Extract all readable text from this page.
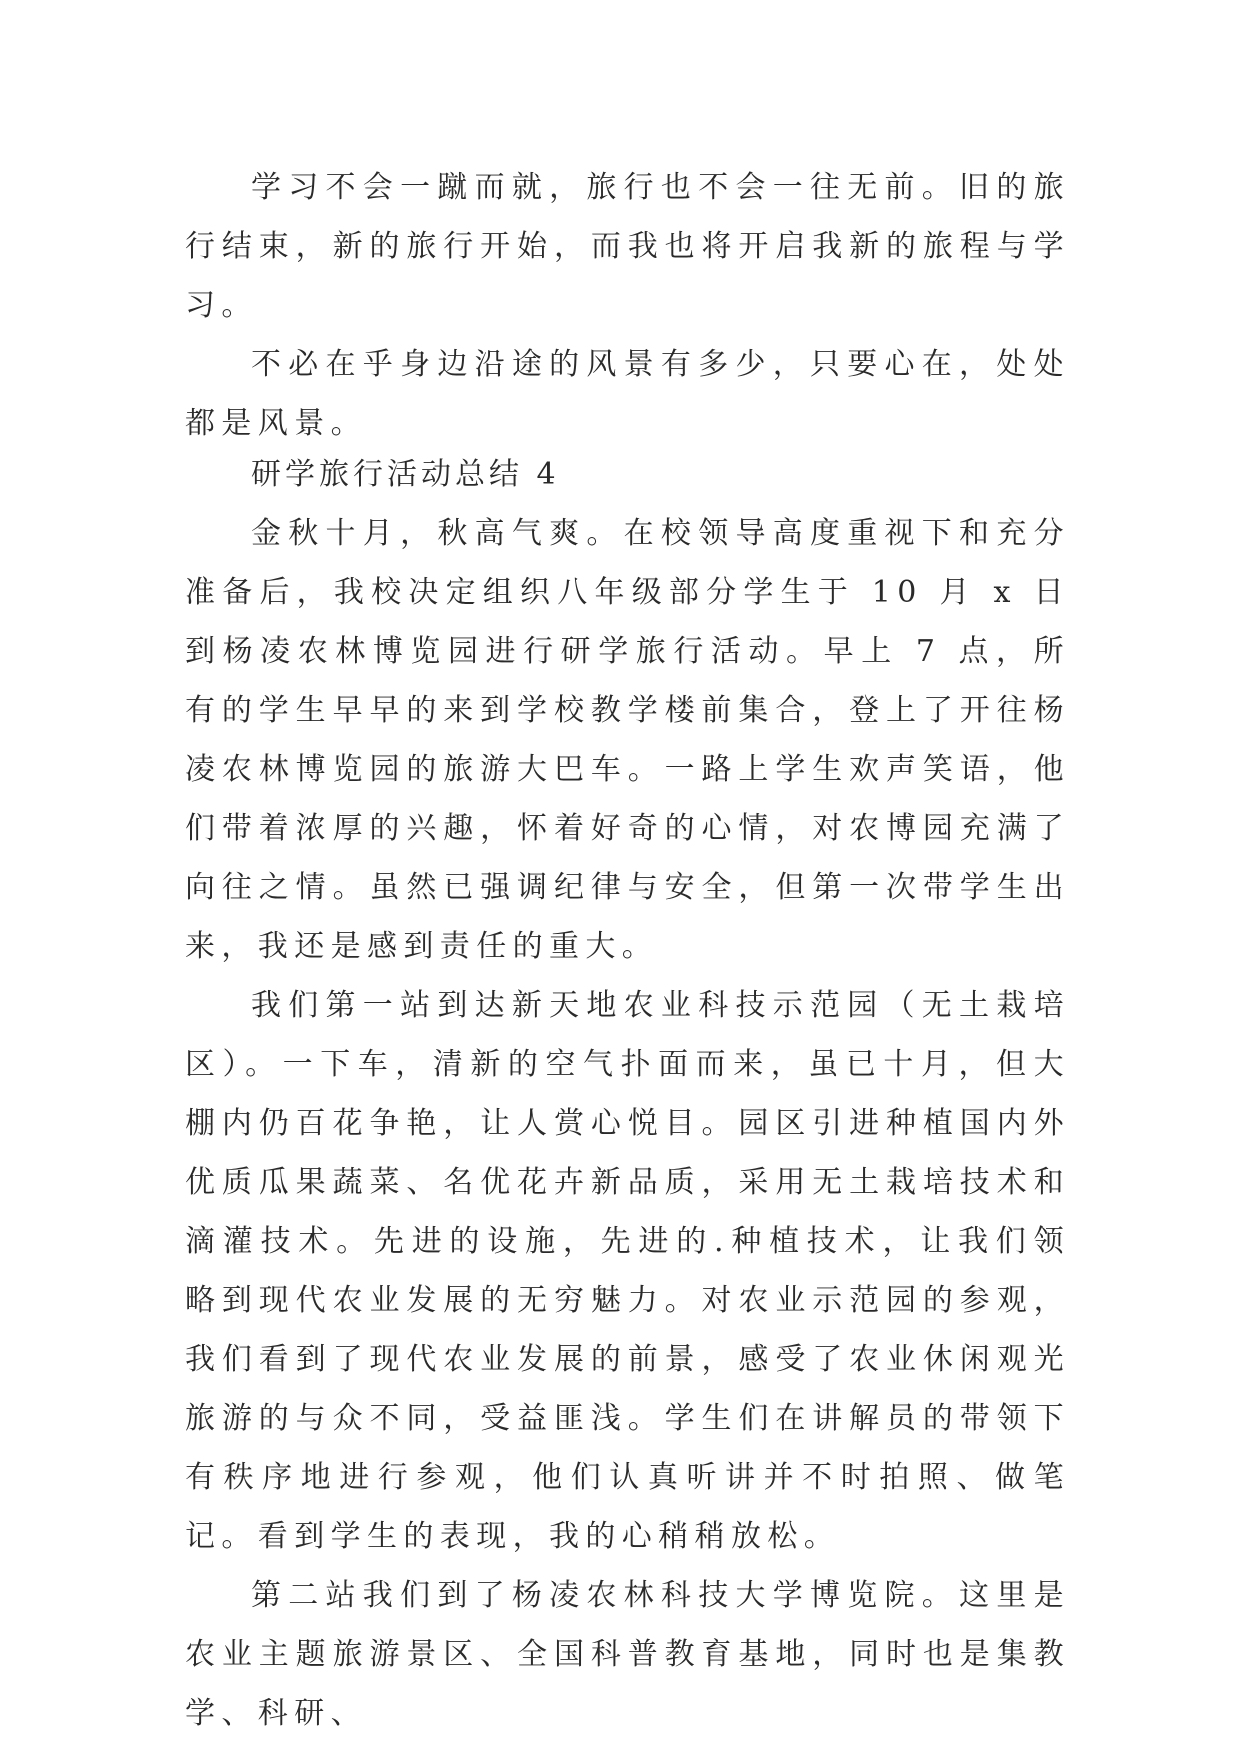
学习不会一蹴而就，旅行也不会一往无前。旧的旅行结束，新的旅行开始，而我也将开启我新的旅程与学习。

不必在乎身边沿途的风景有多少，只要心在，处处都是风景。

研学旅行活动总结 4

金秋十月，秋高气爽。在校领导高度重视下和充分准备后，我校决定组织八年级部分学生于 10 月 x 日到杨凌农林博览园进行研学旅行活动。早上 7 点，所有的学生早早的来到学校教学楼前集合，登上了开往杨凌农林博览园的旅游大巴车。一路上学生欢声笑语，他们带着浓厚的兴趣，怀着好奇的心情，对农博园充满了向往之情。虽然已强调纪律与安全，但第一次带学生出来，我还是感到责任的重大。

我们第一站到达新天地农业科技示范园（无土栽培区）。一下车，清新的空气扑面而来，虽已十月，但大棚内仍百花争艳，让人赏心悦目。园区引进种植国内外优质瓜果蔬菜、名优花卉新品质，采用无土栽培技术和滴灌技术。先进的设施，先进的.种植技术，让我们领略到现代农业发展的无穷魅力。对农业示范园的参观，我们看到了现代农业发展的前景，感受了农业休闲观光旅游的与众不同，受益匪浅。学生们在讲解员的带领下有秩序地进行参观，他们认真听讲并不时拍照、做笔记。看到学生的表现，我的心稍稍放松。

第二站我们到了杨凌农林科技大学博览院。这里是农业主题旅游景区、全国科普教育基地，同时也是集教学、科研、
